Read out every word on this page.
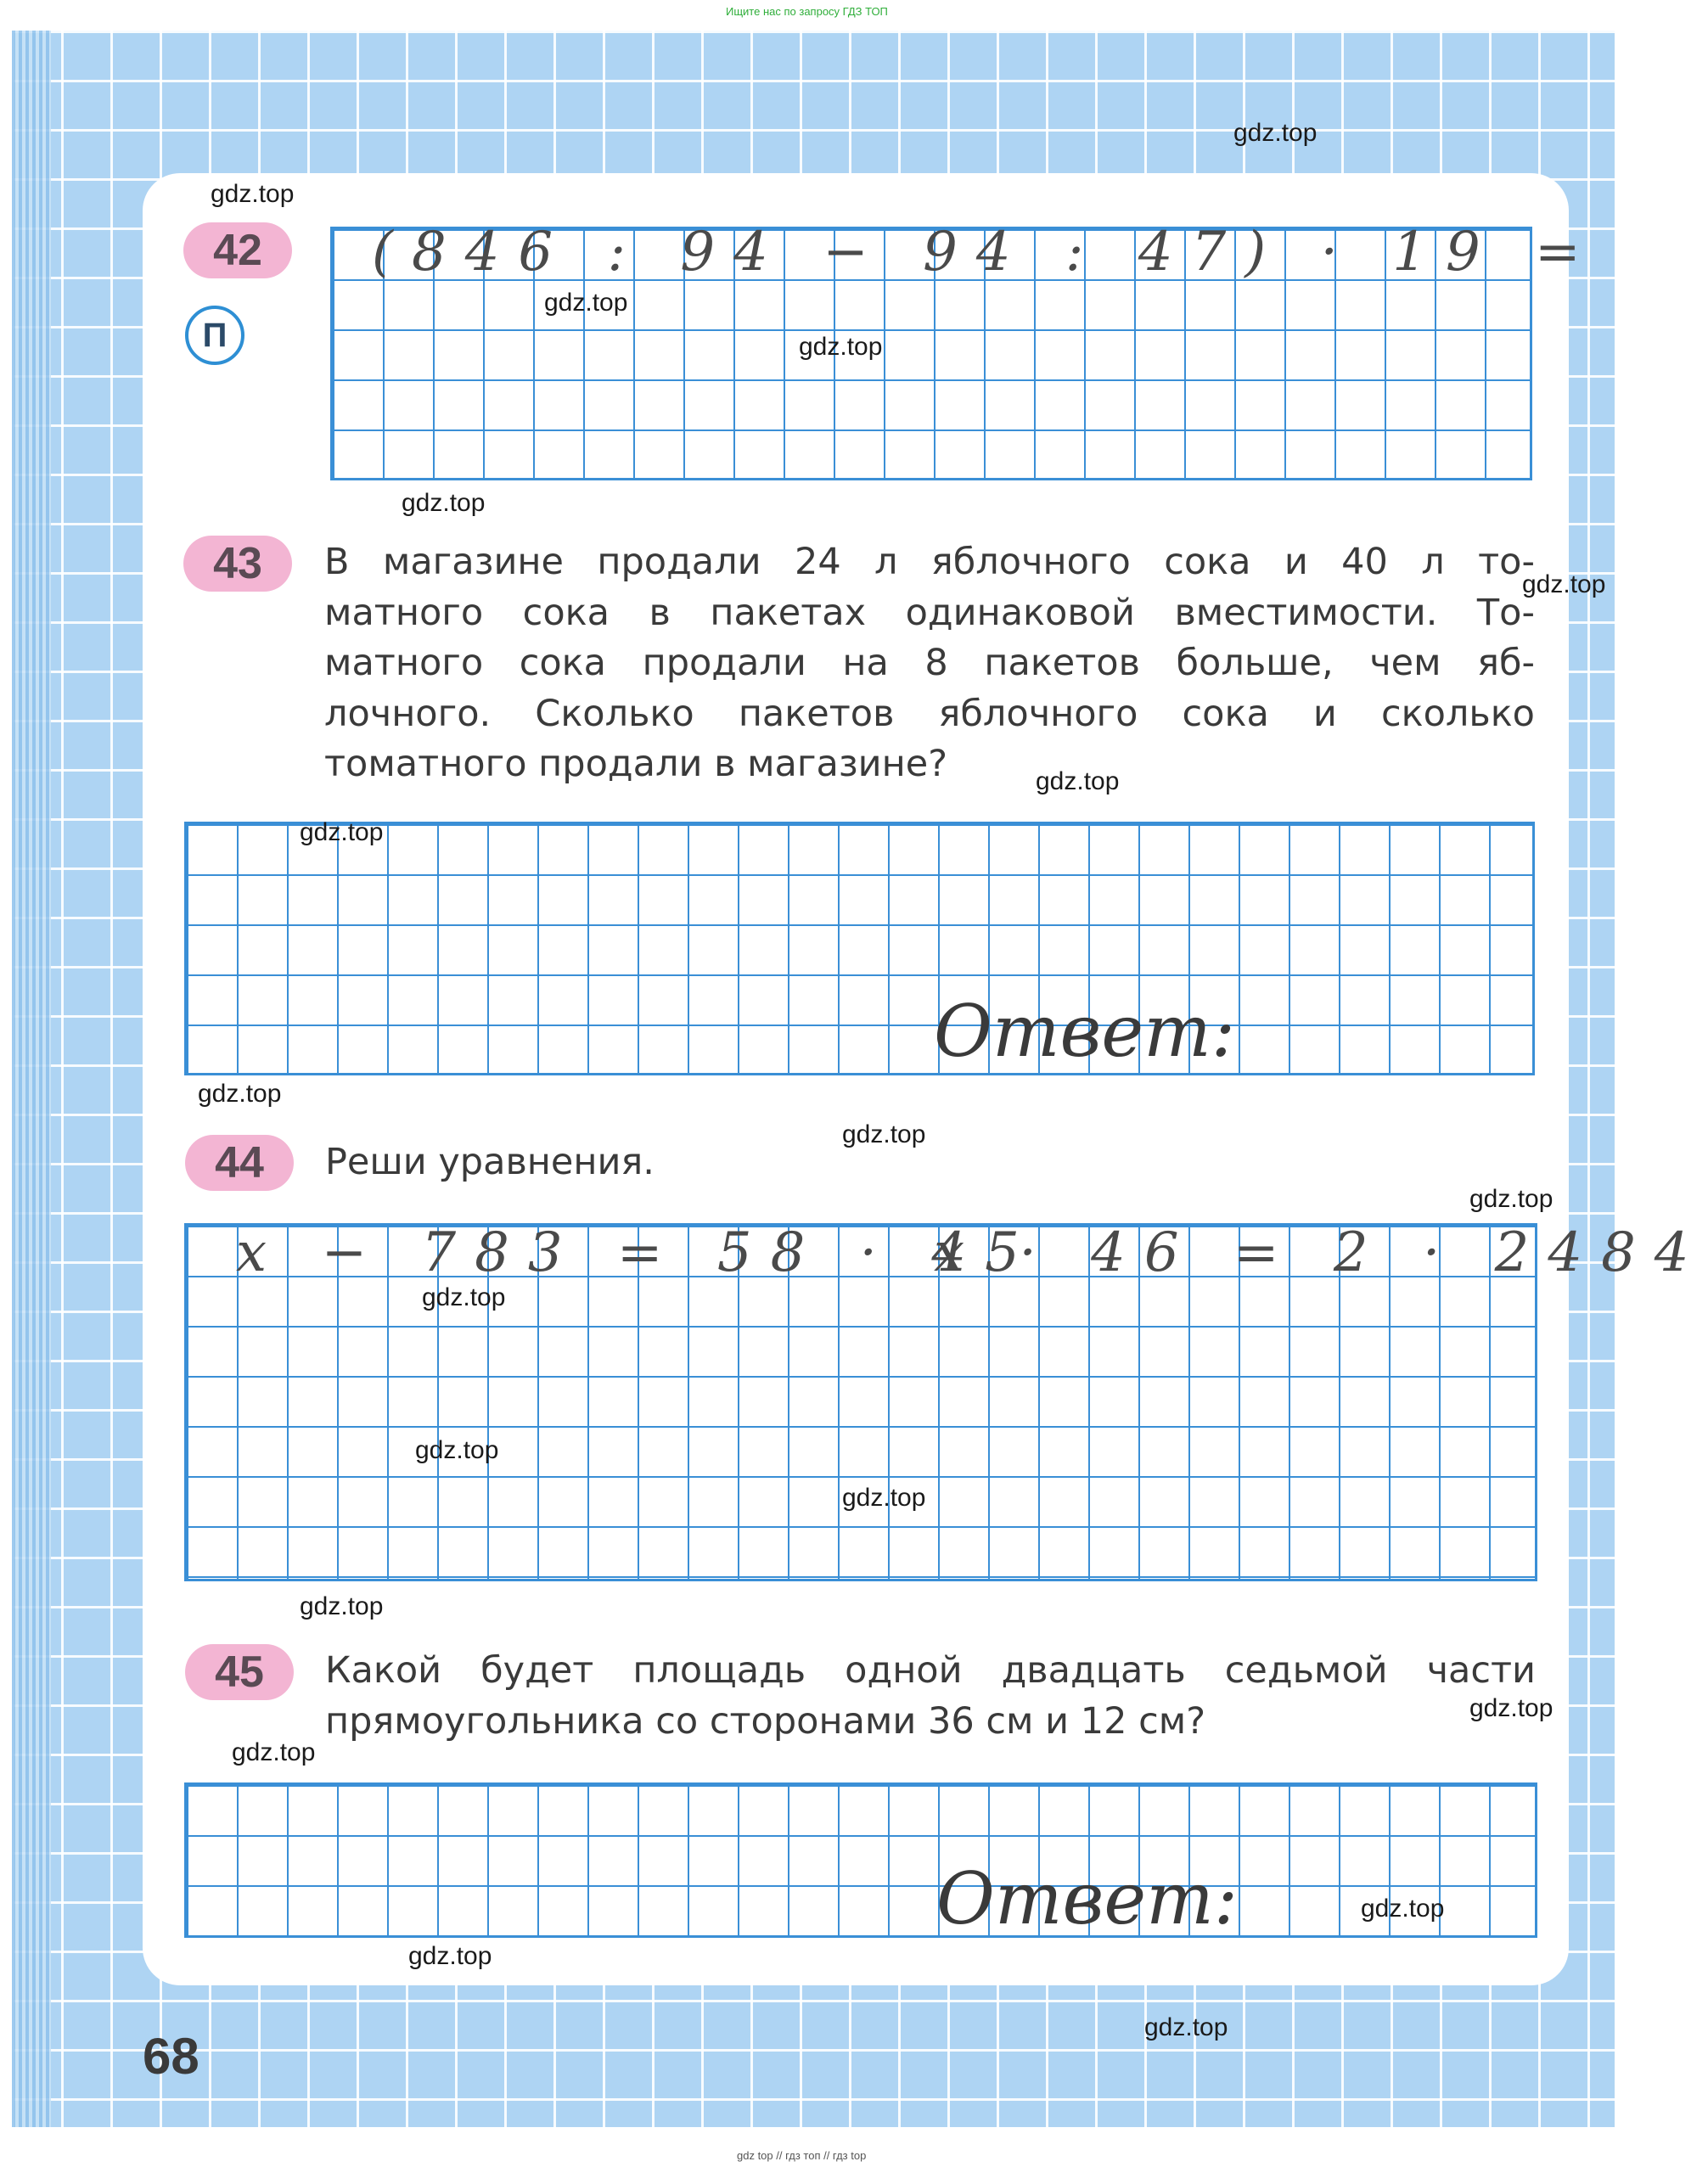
Ищите нас по запросу ГДЗ ТОП
42
П
(846 : 94 − 94 : 47) · 19 =
43	В магазине продали 24 л яблочного сока и 40 л то-
матного сока в пакетах одинаковой вместимости. То-
матного сока продали на 8 пакетов больше, чем яб-
лочного. Сколько пакетов яблочного сока и сколько
томатного продали в магазине?
Ответ:
44	Реши уравнения.
x − 783 = 58 · 45
x · 46 = 2 · 2484
45	Какой будет площадь одной двадцать седьмой части
прямоугольника со сторонами 36 см и 12 см?
Ответ:
68
gdz.top
gdz.top
gdz.top
gdz.top
gdz.top
gdz.top
gdz.top
gdz.top
gdz.top
gdz.top
gdz.top
gdz.top
gdz.top
gdz.top
gdz.top
gdz.top
gdz.top
gdz.top
gdz.top
gdz.top
gdz top // гдз топ // гдз top
